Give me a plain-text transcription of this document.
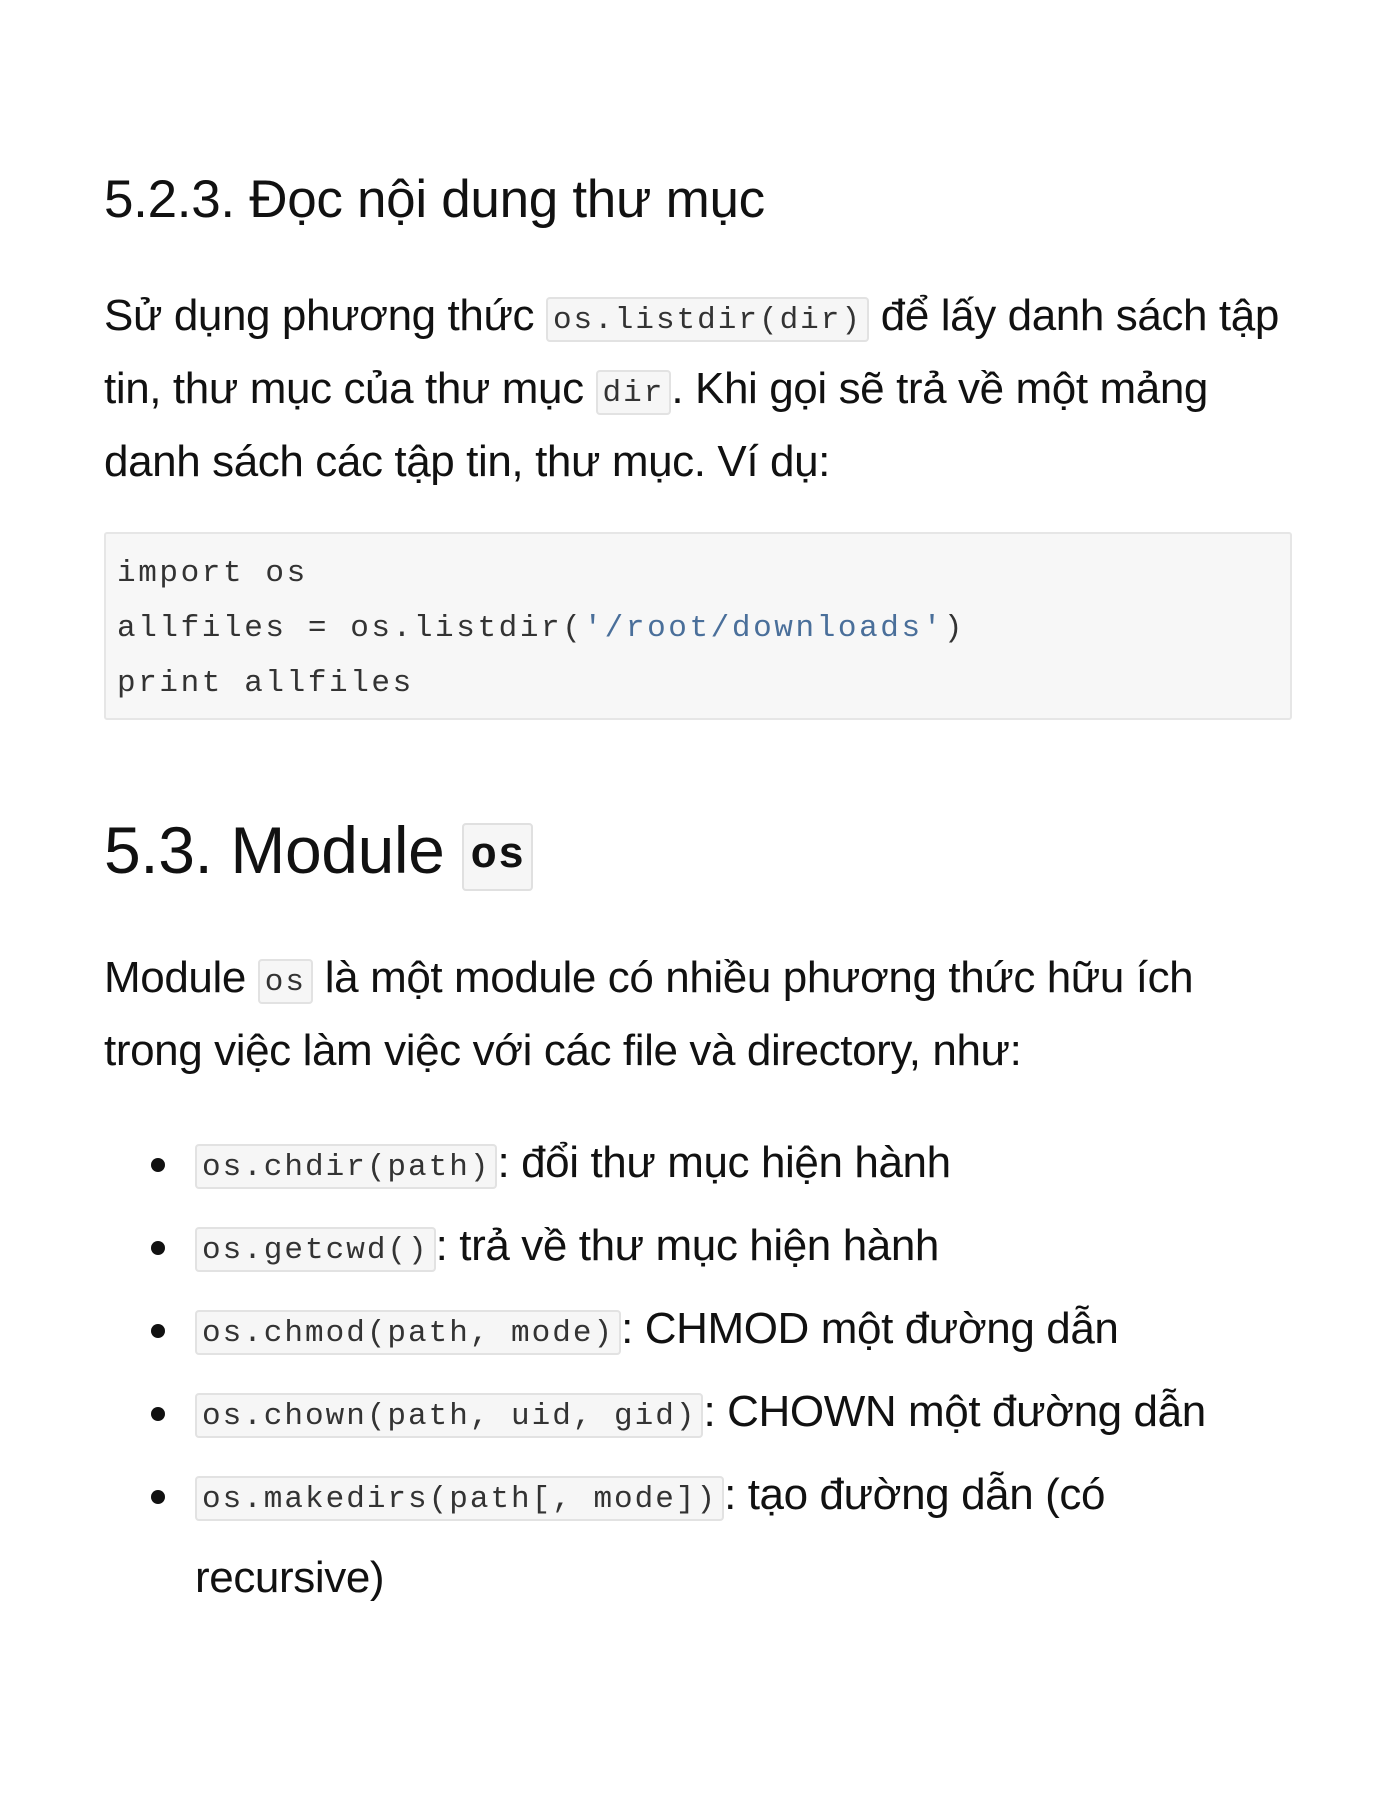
5.2.3. Đọc nội dung thư mục

Sử dụng phương thức os.listdir(dir) để lấy danh sách tập tin, thư mục của thư mục dir . Khi gọi sẽ trả về một mảng danh sách các tập tin, thư mục. Ví dụ:

import os
allfiles = os.listdir('/root/downloads')
print allfiles
5.3. Module os

Module os là một module có nhiều phương thức hữu ích trong việc làm việc với các file và directory, như:

os.chdir(path) : đổi thư mục hiện hành
os.getcwd() : trả về thư mục hiện hành
os.chmod(path, mode) : CHMOD một đường dẫn
os.chown(path, uid, gid) : CHOWN một đường dẫn
os.makedirs(path[, mode]) : tạo đường dẫn (có recursive)
